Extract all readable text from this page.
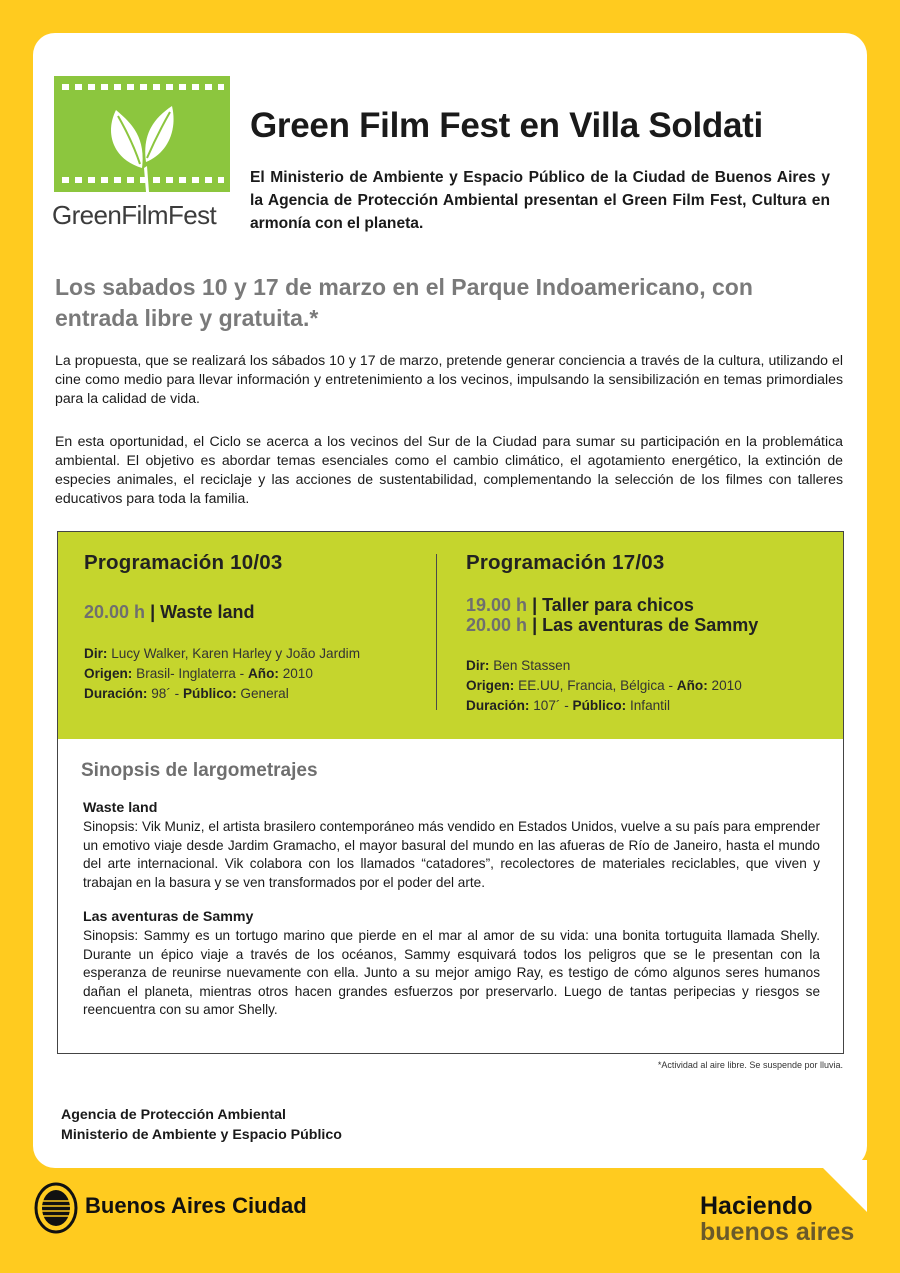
GreenFilmFest
Green Film Fest en Villa Soldati
El Ministerio de Ambiente y Espacio Público de la Ciudad de Buenos Aires y la Agencia de Protección Ambiental presentan el Green Film Fest, Cultura en armonía con el planeta.
Los sabados 10 y 17 de marzo en el Parque Indoamericano, con entrada libre y gratuita.*
La propuesta, que se realizará los sábados 10 y 17 de marzo, pretende generar conciencia a través de la cultura, utilizando el cine como medio para llevar información y entretenimiento a los vecinos, impulsando la sensibilización en temas primordiales para la calidad de vida.
En esta oportunidad, el Ciclo se acerca a los vecinos del Sur de la Ciudad para sumar su participación en la problemática ambiental. El objetivo es abordar temas esenciales como el cambio climático, el agotamiento energético, la extinción de especies animales, el reciclaje y las acciones de sustentabilidad, complementando la selección de los filmes con talleres educativos para toda la familia.
Programación 10/03
20.00 h | Waste land
Dir: Lucy Walker, Karen Harley y João Jardim
Origen: Brasil- Inglaterra - Año: 2010
Duración: 98´ - Público: General
Programación 17/03
19.00 h | Taller para chicos
20.00 h | Las aventuras de Sammy
Dir: Ben Stassen
Origen: EE.UU, Francia, Bélgica - Año: 2010
Duración: 107´ - Público: Infantil
Sinopsis de largometrajes
Waste land
Sinopsis: Vik Muniz, el artista brasilero contemporáneo más vendido en Estados Unidos, vuelve a su país para emprender un emotivo viaje desde Jardim Gramacho, el mayor basural del mundo en las afueras de Río de Janeiro, hasta el mundo del arte internacional. Vik colabora con los llamados “catadores”, recolectores de materiales reciclables, que viven y trabajan en la basura y se ven transformados por el poder del arte.
Las aventuras de Sammy
Sinopsis: Sammy es un tortugo marino que pierde en el mar al amor de su vida: una bonita tortuguita llamada Shelly. Durante un épico viaje a través de los océanos, Sammy esquivará todos los peligros que se le presentan con la esperanza de reunirse nuevamente con ella. Junto a su mejor amigo Ray, es testigo de cómo algunos seres humanos dañan el planeta, mientras otros hacen grandes esfuerzos por preservarlo. Luego de tantas peripecias y riesgos se reencuentra con su amor Shelly.
*Actividad al aire libre. Se suspende por lluvia.
Agencia de Protección Ambiental
Ministerio de Ambiente y Espacio Público
Buenos Aires Ciudad	Haciendo
buenos aires
